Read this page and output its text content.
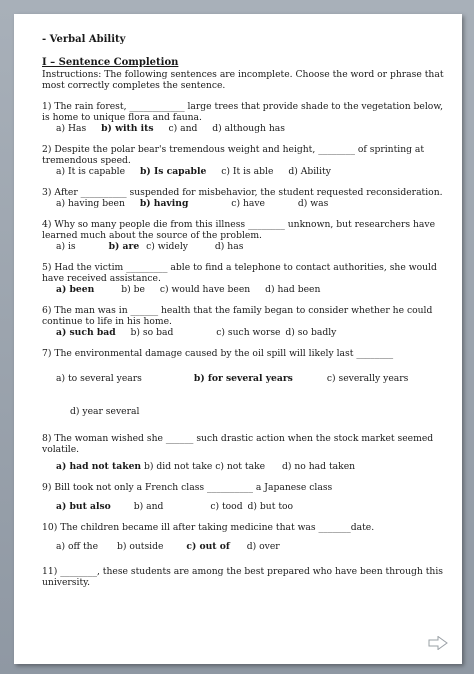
- Verbal Ability
I – Sentence Completion
Instructions: The following sentences are incomplete. Choose the word or phrase that most correctly completes the sentence.
1) The rain forest, ____________ large trees that provide shade to the vegetation below, is home to unique flora and fauna.
a) Has b) with its c) and d) although has
2) Despite the polar bear's tremendous weight and height, ________ of sprinting at tremendous speed.
a) It is capable b) Is capable c) It is able d) Ability
3) After __________ suspended for misbehavior, the student requested reconsideration.
a) having been b) having	c) have	d) was
4) Why so many people die from this illness ________ unknown, but researchers have learned much about the source of the problem.
a) is	b) are c) widely	d) has
5) Had the victim _________ able to find a telephone to contact authorities, she would have received assistance.
a) been	b) be c) would have been d) had been
6) The man was in ______ health that the family began to consider whether he could continue to life in his home.
a) such bad b) so bad	c) such worse d) so badly
7) The environmental damage caused by the oil spill will likely last ________
a) to several years	b) for several years	c) severally years
d) year several
8) The woman wished she ______ such drastic action when the stock market seemed volatile.
a) had not taken b) did not take c) not take d) no had taken
9) Bill took not only a French class __________ a Japanese class
a) but also b) and	c) tood d) but too
10) The children became ill after taking medicine that was _______date.
a) off the b) outside c) out of d) over
11) ________, these students are among the best prepared who have been through this university.
